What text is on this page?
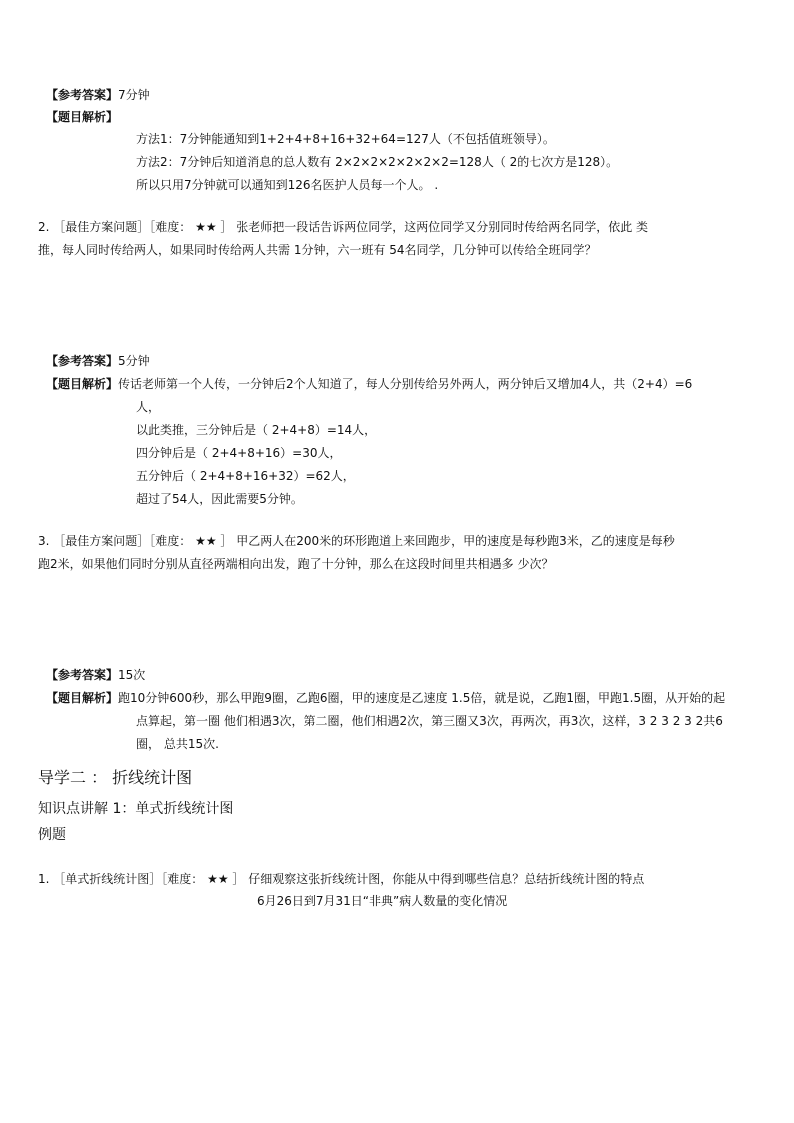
【参考答案】7分钟
【题目解析】
方法1：7分钟能通知到1+2+4+8+16+32+64=127人（不包括值班领导）。
方法2：7分钟后知道消息的总人数有 2×2×2×2×2×2×2=128人（ 2的七次方是128）。
所以只用7分钟就可以通知到126名医护人员每一个人。 .
2. ［最佳方案问题］［难度： ★★ ］ 张老师把一段话告诉两位同学，这两位同学又分别同时传给两名同学，依此 类
推，每人同时传给两人，如果同时传给两人共需 1分钟，六一班有 54名同学，几分钟可以传给全班同学？
【参考答案】5分钟
【题目解析】传话老师第一个人传，一分钟后2个人知道了，每人分别传给另外两人，两分钟后又增加4人，共（2+4）=6
人，
以此类推，三分钟后是（ 2+4+8）=14人，
四分钟后是（ 2+4+8+16）=30人，
五分钟后（ 2+4+8+16+32）=62人，
超过了54人，因此需要5分钟。
3. ［最佳方案问题］［难度： ★★ ］ 甲乙两人在200米的环形跑道上来回跑步，甲的速度是每秒跑3米，乙的速度是每秒
跑2米，如果他们同时分别从直径两端相向出发，跑了十分钟，那么在这段时间里共相遇多 少次？
【参考答案】15次
【题目解析】跑10分钟600秒，那么甲跑9圈，乙跑6圈，甲的速度是乙速度 1.5倍，就是说，乙跑1圈，甲跑1.5圈，从开始的起
点算起，第一圈 他们相遇3次，第二圈，他们相遇2次，第三圈又3次，再两次，再3次，这样，3 2 3 2 3 2共6
圈， 总共15次.
导学二 ： 折线统计图
知识点讲解 1：单式折线统计图
例题
1. ［单式折线统计图］［难度： ★★ ］ 仔细观察这张折线统计图，你能从中得到哪些信息？总结折线统计图的特点
6月26日到7月31日“非典”病人数量的变化情况
